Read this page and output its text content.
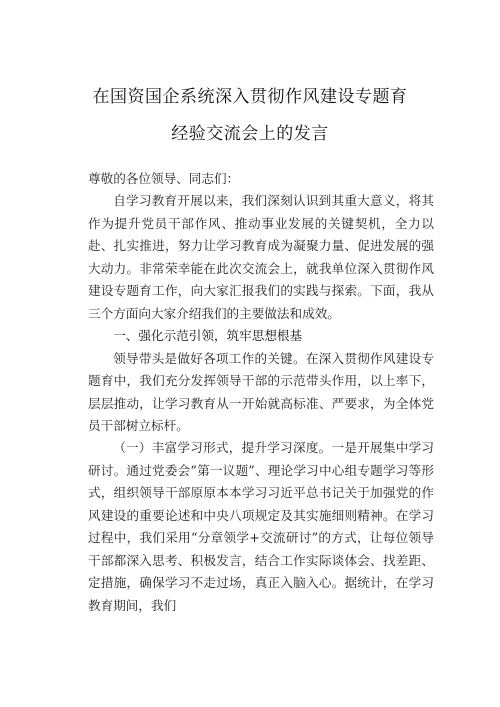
在国资国企系统深入贯彻作风建设专题育
经验交流会上的发言

尊敬的各位领导、同志们：

自学习教育开展以来，我们深刻认识到其重大意义，将其作为提升党员干部作风、推动事业发展的关键契机，全力以赴、扎实推进，努力让学习教育成为凝聚力量、促进发展的强大动力。非常荣幸能在此次交流会上，就我单位深入贯彻作风建设专题育工作，向大家汇报我们的实践与探索。下面，我从三个方面向大家介绍我们的主要做法和成效。

一、强化示范引领，筑牢思想根基

领导带头是做好各项工作的关键。在深入贯彻作风建设专题育中，我们充分发挥领导干部的示范带头作用，以上率下，层层推动，让学习教育从一开始就高标准、严要求，为全体党员干部树立标杆。

（一）丰富学习形式，提升学习深度。一是开展集中学习研讨。通过党委会“第一议题”、理论学习中心组专题学习等形式，组织领导干部原原本本学习习近平总书记关于加强党的作风建设的重要论述和中央八项规定及其实施细则精神。在学习过程中，我们采用“分章领学+交流研讨”的方式，让每位领导干部都深入思考、积极发言，结合工作实际谈体会、找差距、定措施，确保学习不走过场，真正入脑入心。据统计，在学习教育期间，我们
